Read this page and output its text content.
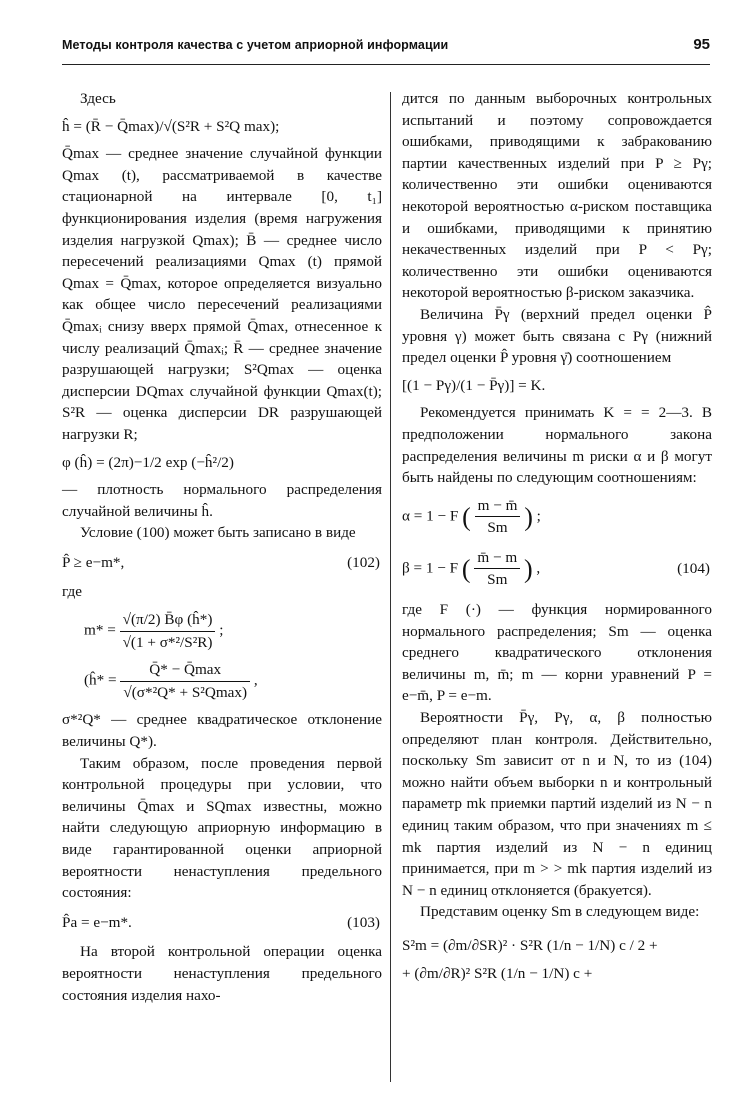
Методы контроля качества с учетом априорной информации	95

Здесь

ĥ = (R̄ − Q̄max)/√(S²R + S²Q max);

Q̄max — среднее значение случайной функции Qmax (t), рассматриваемой в качестве стационарной на интервале [0, t₁] функционирования изделия (время нагружения изделия нагрузкой Qmax); B̄ — среднее число пересечений реализациями Qmax (t) прямой Qmax = Q̄max, которое определяется визуально как общее число пересечений реализациями Q̄maxᵢ снизу вверх прямой Q̄max, отнесенное к числу реализаций Q̄maxᵢ; R̄ — среднее значение разрушающей нагрузки; S²Qmax — оценка дисперсии DQmax случайной функции Qmax(t); S²R — оценка дисперсии DR разрушающей нагрузки R;

φ (ĥ) = (2π)−1/2 exp (−ĥ²/2)

— плотность нормального распределения случайной величины ĥ.

Условие (100) может быть записано в виде

P̂ ≥ e−m*,	(102)

где

$m* = \frac{√(\pi/2) B̄\varphi (ĥ*)}{\text{√(1 + σ*²/S²R)}}$ ;
(ĥ* = $\frac{Q̄* - Q̄\max}{\text{√(σ*²Q* + S²Qmax)}}$ ,

σ*²Q* — среднее квадратическое отклонение величины Q*).

Таким образом, после проведения первой контрольной процедуры при условии, что величины Q̄max и SQmax известны, можно найти следующую априорную информацию в виде гарантированной оценки априорной вероятности ненаступления предельного состояния:

P̂a = e−m*.	(103)

На второй контрольной операции оценка вероятности ненаступления предельного состояния изделия нахо-

дится по данным выборочных контрольных испытаний и поэтому сопровождается ошибками, приводящими к забракованию партии качественных изделий при P ≥ Pγ; количественно эти ошибки оцениваются некоторой вероятностью α-риском поставщика и ошибками, приводящими к принятию некачественных изделий при P < Pγ; количественно эти ошибки оцениваются некоторой вероятностью β-риском заказчика.

Величина P̄γ (верхний предел оценки P̂ уровня γ) может быть связана с Pγ (нижний предел оценки P̂ уровня γ̄) соотношением

[(1 − Pγ)/(1 − P̄γ)] = K.

Рекомендуется принимать K = = 2—3. В предположении нормального закона распределения величины m риски α и β могут быть найдены по следующим соотношениям:

α = 1 − F ( $\frac{m - m̄}{Sm}$ ) ;
β = 1 − F ( $\frac{m̄ - m}{Sm}$ ) ,	(104)

где F (·) — функция нормированного нормального распределения; Sm — оценка среднего квадратического отклонения величины m, m̄; m — корни уравнений P = e−m̄, P = e−m.

Вероятности P̄γ, Pγ, α, β полностью определяют план контроля. Действительно, поскольку Sm зависит от n и N, то из (104) можно найти объем выборки n и контрольный параметр mk приемки партий изделий из N − n единиц таким образом, что при значениях m ≤ mk партия изделий из N − n единиц принимается, при m > > mk партия изделий из N − n единиц отклоняется (бракуется).

Представим оценку Sm в следующем виде:

S²m = (∂m/∂SR)² · S²R (1/n − 1/N) c / 2 +
+ (∂m/∂R)² S²R (1/n − 1/N) c +
